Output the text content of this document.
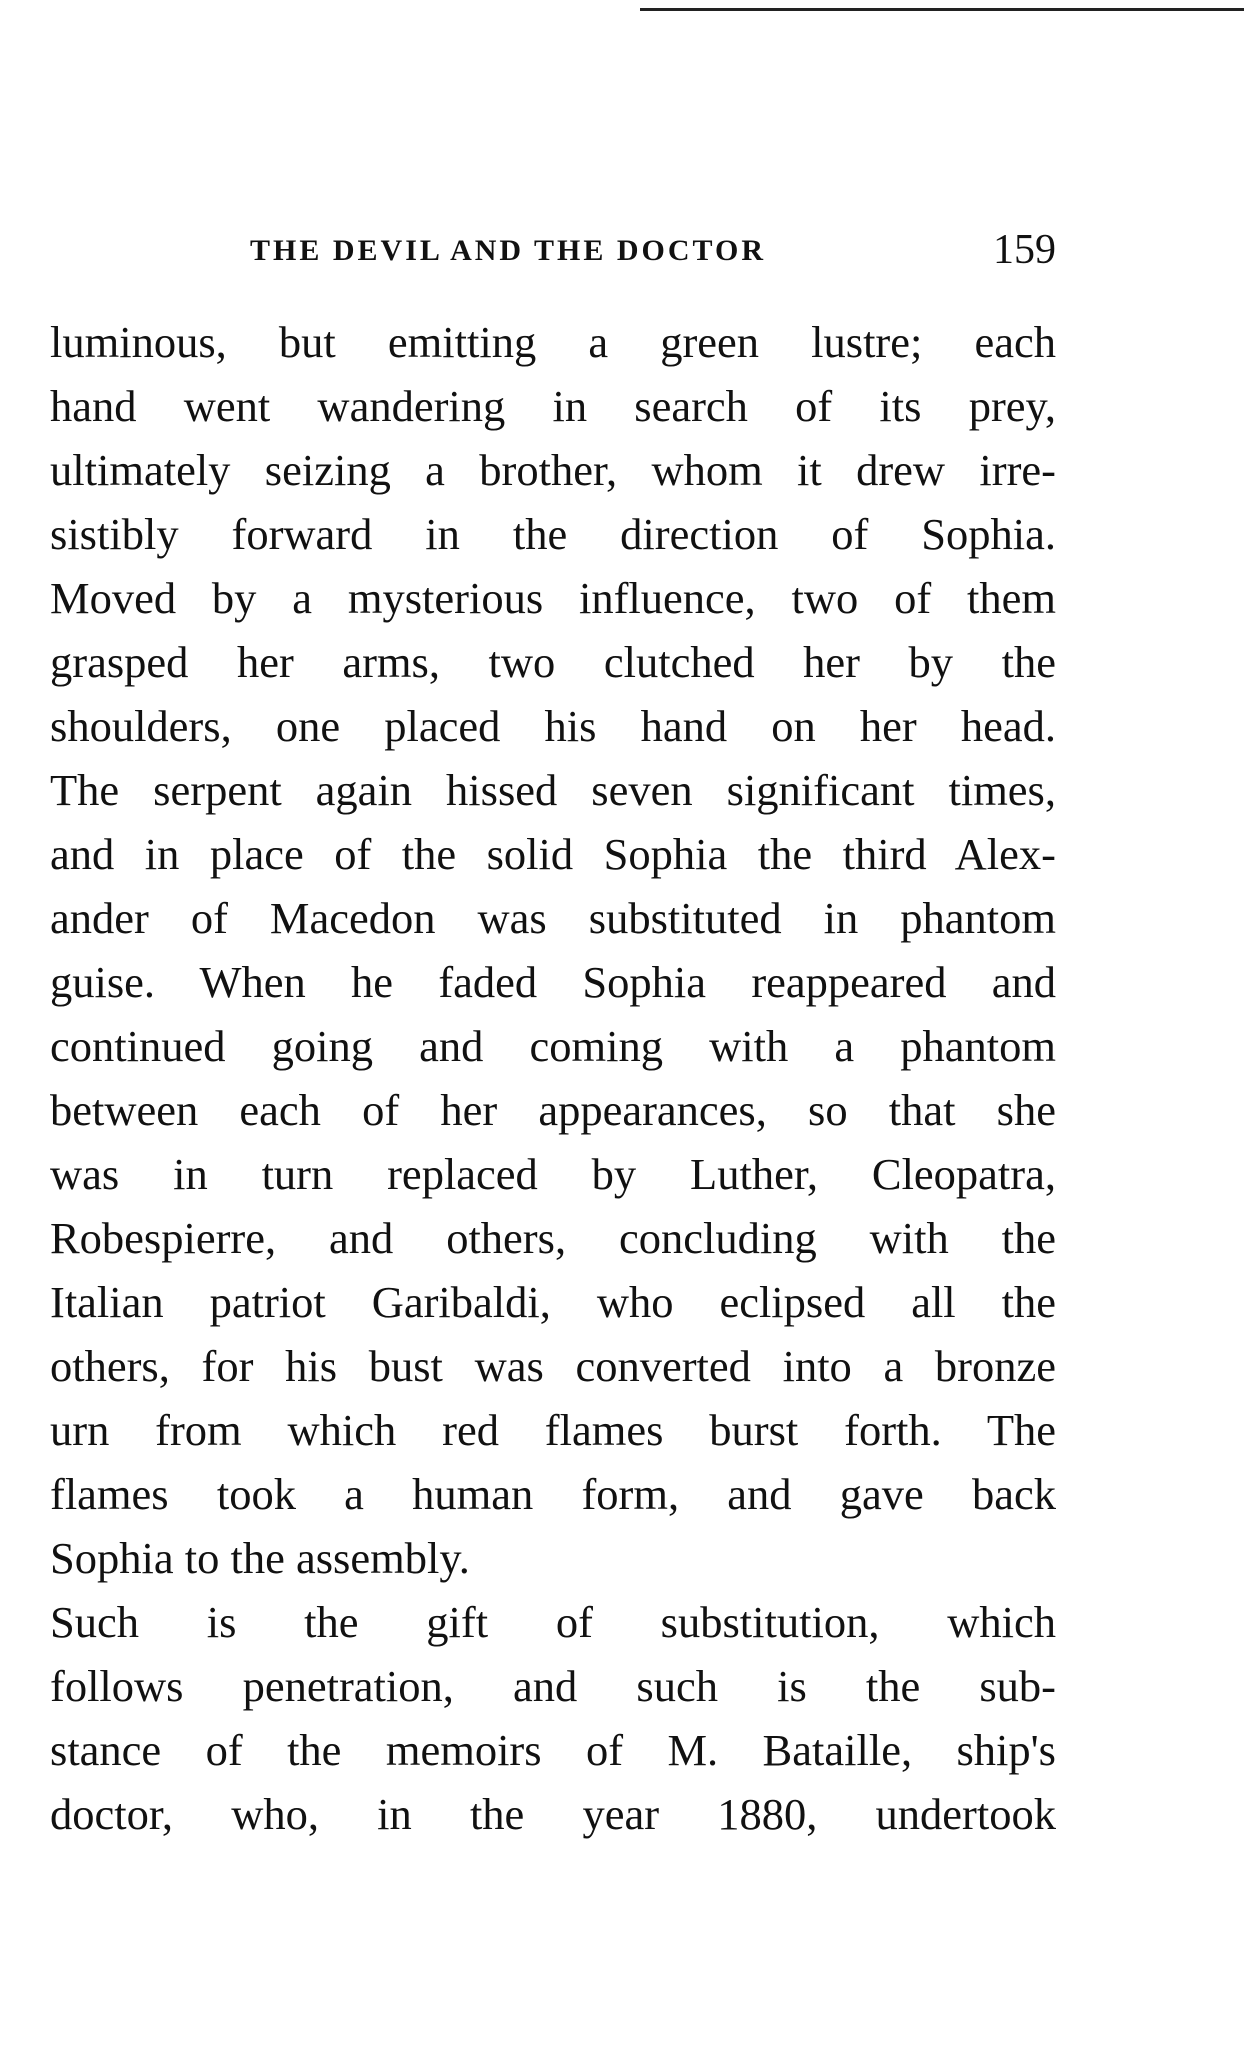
THE DEVIL AND THE DOCTOR	159
luminous, but emitting a green lustre; each
hand went wandering in search of its prey,
ultimately seizing a brother, whom it drew irre-
sistibly forward in the direction of Sophia.
Moved by a mysterious influence, two of them
grasped her arms, two clutched her by the
shoulders, one placed his hand on her head.
The serpent again hissed seven significant times,
and in place of the solid Sophia the third Alex-
ander of Macedon was substituted in phantom
guise. When he faded Sophia reappeared and
continued going and coming with a phantom
between each of her appearances, so that she
was in turn replaced by Luther, Cleopatra,
Robespierre, and others, concluding with the
Italian patriot Garibaldi, who eclipsed all the
others, for his bust was converted into a bronze
urn from which red flames burst forth. The
flames took a human form, and gave back
Sophia to the assembly.
Such is the gift of substitution, which
follows penetration, and such is the sub-
stance of the memoirs of M. Bataille, ship's
doctor, who, in the year 1880, undertook
